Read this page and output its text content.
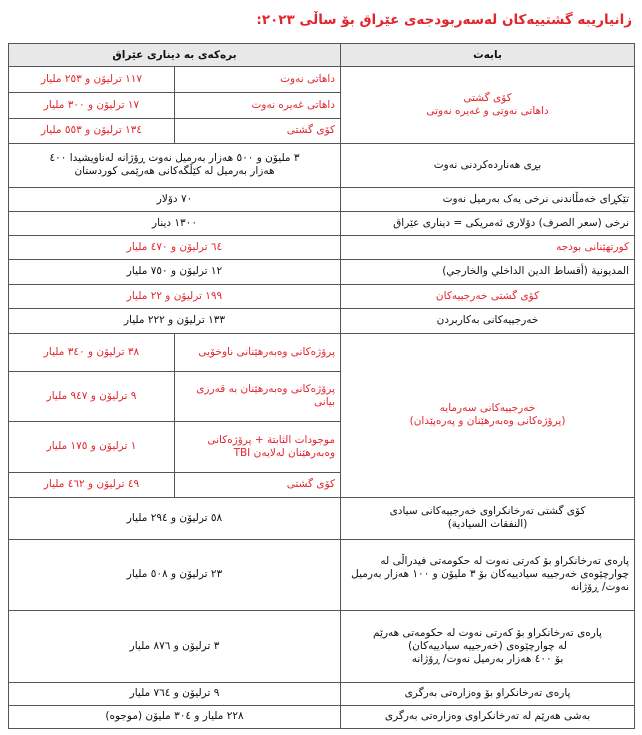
زانیاریبە گشتییەکان لەسەربودجەی عێراق بۆ ساڵی ٢٠٢٣:
بابەت	برەکەی بە دیناری عێراق	

کۆی گشتی
داهاتی نەوتی و غەیرە نەوتی	داهاتی نەوت	١١٧ ترلیۆن و ٢٥٣ ملیار
	داهاتی غەیرە نەوت	١٧ ترلیۆن و ٣٠٠ ملیار
	کۆی گشتی	١٣٤ ترلیۆن و ٥٥٣ ملیار
بڕی هەناردەکردنی نەوت	٣ ملیۆن و ٥٠٠ هەزار بەرمیل نەوت ڕۆژانە لەناویشیدا ٤٠٠
هەزار بەرمیل لە کێڵگەکانی هەرێمی کوردستان	

تێکڕای خەمڵاندنی نرخی یەک بەرمیل نەوت	٧٠ دۆلار	
نرخی (سعر الصرف) دۆلاری ئەمریکی = دیناری عێراق	١٣٠٠ دینار	
کورتهێنانی بودجە	٦٤ ترلیۆن و ٤٧٠ ملیار	
المدیونیة (أقساط الدین الداخلي والخارجي)	١٢ ترلیۆن و ٧٥٠ ملیار	
کۆی گشتی خەرجییەکان	١٩٩ ترلیۆن و ٢٢ ملیار	
خەرجییەکانی بەکاربردن	١٣٣ ترلیۆن و ٢٢٢ ملیار	

خەرجییەکانی سەرمایە
(پرۆژەکانی وەبەرهێنان و پەرەپێدان)	پرۆژەکانی وەبەرهێنانی ناوخۆیی	٣٨ ترلیۆن و ٣٤٠ ملیار
	پرۆژەکانی وەبەرهێنان بە قەرزی بیانی	٩ ترلیۆن و ٩٤٧ ملیار
	موجودات الثابتة + پرۆژەکانی وەبەرهێنان لەلایەن TBI	١ ترلیۆن و ١٧٥ ملیار
	کۆی گشتی	٤٩ ترلیۆن و ٤٦٢ ملیار

کۆی گشتی تەرخانکراوی خەرجییەکانی سیادی
(النفقات السیادیة)	٥٨ ترلیۆن و ٢٩٤ ملیار	
پارەی تەرخانکراو بۆ کەرتی نەوت لە حکومەتی فیدراڵی لە چوارچێوەی خەرجییە سیادییەکان بۆ ٣ ملیۆن و ١٠٠ هەزار بەرمیل نەوت/ ڕۆژانە	٢٣ ترلیۆن و ٥٠٨ ملیار	

پارەی تەرخانکراو بۆ کەرتی نەوت لە حکومەتی هەرێم
لە چوارچێوەی (خەرجییە سیادییەکان)
بۆ ٤٠٠ هەزار بەرمیل نەوت/ ڕۆژانە	٣ ترلیۆن و ٨٧٦ ملیار	
پارەی تەرخانکراو بۆ وەزارەتی بەرگری	٩ ترلیۆن و ٧٦٤ ملیار	
بەشی هەرێم لە تەرخانکراوی وەزارەتی بەرگری	٢٢٨ ملیار و ٣٠٤ ملیۆن (موجوه)	
